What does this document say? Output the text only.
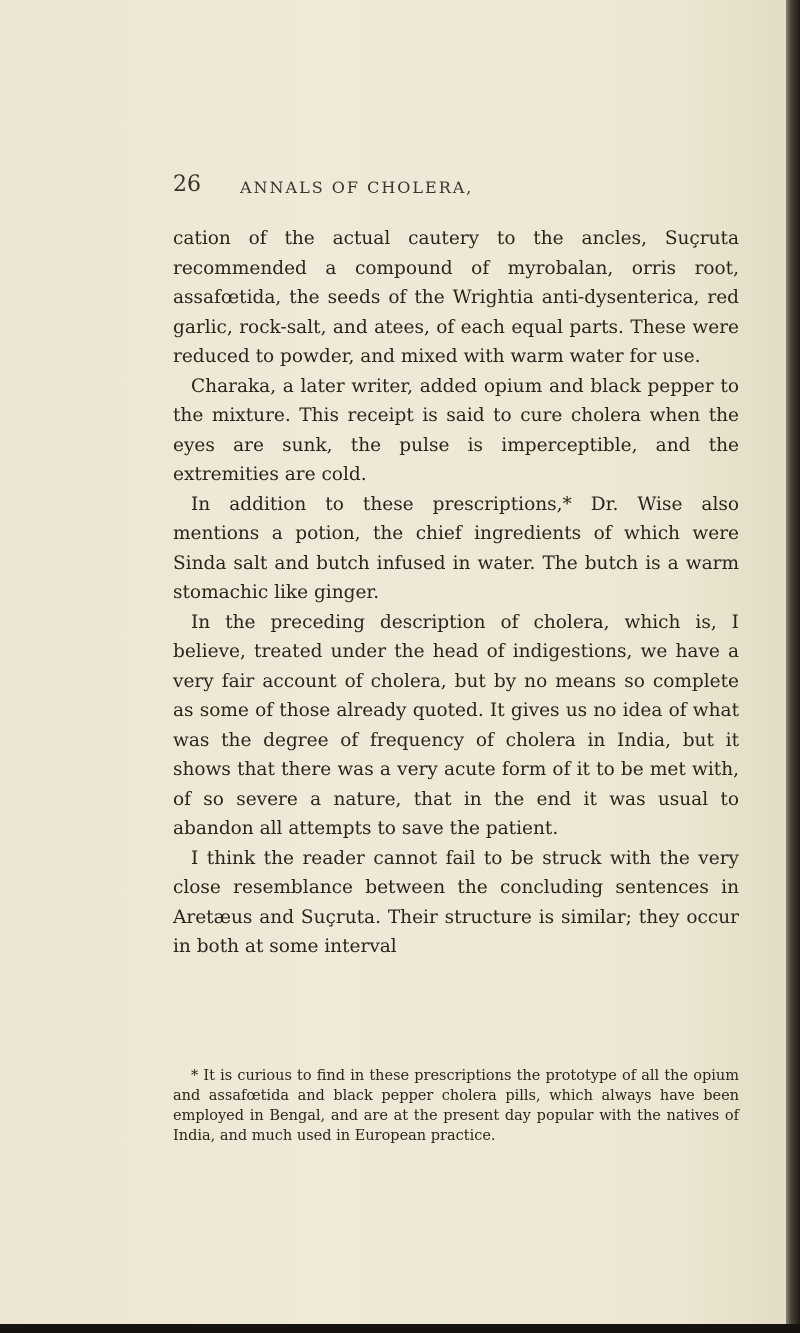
26 ANNALS OF CHOLERA,

cation of the actual cautery to the ancles, Suçruta recommended a compound of myrobalan, orris root, assafœtida, the seeds of the Wrightia anti-dysenterica, red garlic, rock-salt, and atees, of each equal parts. These were reduced to powder, and mixed with warm water for use.

Charaka, a later writer, added opium and black pepper to the mixture. This receipt is said to cure cholera when the eyes are sunk, the pulse is imperceptible, and the extremities are cold.

In addition to these prescriptions,* Dr. Wise also mentions a potion, the chief ingredients of which were Sinda salt and butch infused in water. The butch is a warm stomachic like ginger.

In the preceding description of cholera, which is, I believe, treated under the head of indigestions, we have a very fair account of cholera, but by no means so complete as some of those already quoted. It gives us no idea of what was the degree of frequency of cholera in India, but it shows that there was a very acute form of it to be met with, of so severe a nature, that in the end it was usual to abandon all attempts to save the patient.

I think the reader cannot fail to be struck with the very close resemblance between the concluding sentences in Aretæus and Suçruta. Their structure is similar; they occur in both at some interval

* It is curious to find in these prescriptions the prototype of all the opium and assafœtida and black pepper cholera pills, which always have been employed in Bengal, and are at the present day popular with the natives of India, and much used in European practice.
